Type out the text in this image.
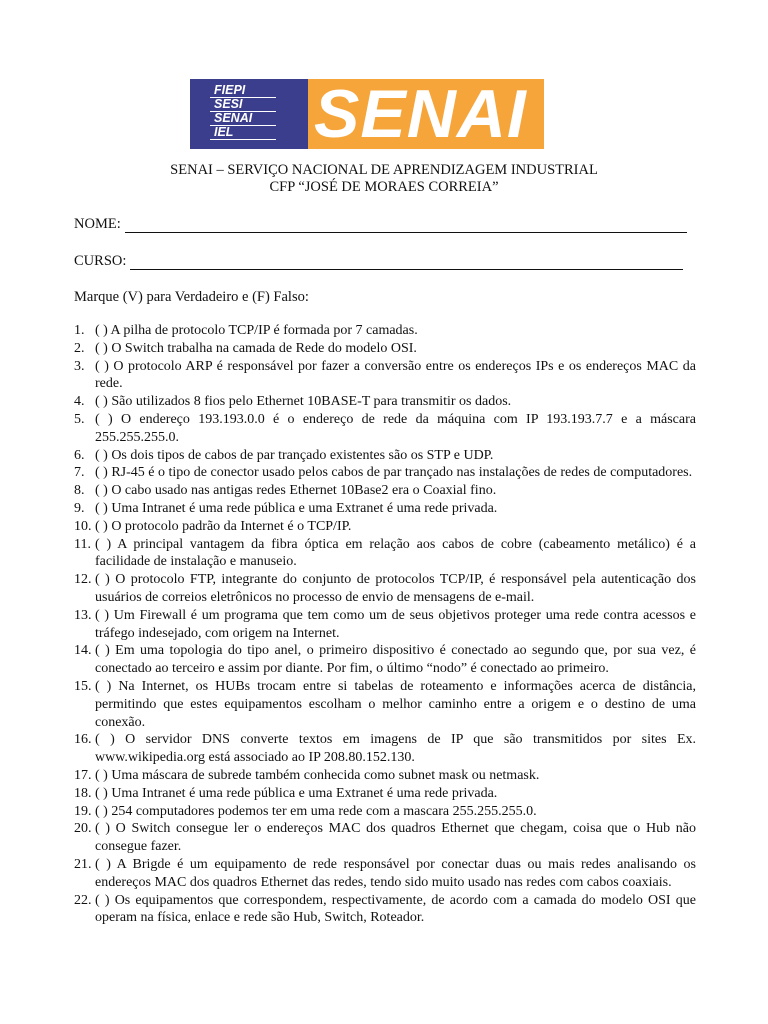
FIEPI
SESI
SENAI
IEL	SENAI
SENAI – SERVIÇO NACIONAL DE APRENDIZAGEM INDUSTRIAL
CFP “JOSÉ DE MORAES CORREIA”
NOME:
CURSO:
Marque (V) para Verdadeiro e (F) Falso:
1. ( ) A pilha de protocolo TCP/IP é formada por 7 camadas.
2. ( ) O Switch trabalha na camada de Rede do modelo OSI.
3. ( ) O protocolo ARP é responsável por fazer a conversão entre os endereços IPs e os endereços MAC da rede.
4. ( ) São utilizados 8 fios pelo Ethernet 10BASE-T para transmitir os dados.
5. ( ) O endereço 193.193.0.0 é o endereço de rede da máquina com IP 193.193.7.7 e a máscara 255.255.255.0.
6. ( ) Os dois tipos de cabos de par trançado existentes são os STP e UDP.
7. ( ) RJ-45 é o tipo de conector usado pelos cabos de par trançado nas instalações de redes de computadores.
8. ( ) O cabo usado nas antigas redes Ethernet 10Base2 era o Coaxial fino.
9. ( ) Uma Intranet é uma rede pública e uma Extranet é uma rede privada.
10. ( ) O protocolo padrão da Internet é o TCP/IP.
11. ( ) A principal vantagem da fibra óptica em relação aos cabos de cobre (cabeamento metálico) é a facilidade de instalação e manuseio.
12. ( ) O protocolo FTP, integrante do conjunto de protocolos TCP/IP, é responsável pela autenticação dos usuários de correios eletrônicos no processo de envio de mensagens de e-mail.
13. ( ) Um Firewall é um programa que tem como um de seus objetivos proteger uma rede contra acessos e tráfego indesejado, com origem na Internet.
14. ( ) Em uma topologia do tipo anel, o primeiro dispositivo é conectado ao segundo que, por sua vez, é conectado ao terceiro e assim por diante. Por fim, o último “nodo” é conectado ao primeiro.
15. ( ) Na Internet, os HUBs trocam entre si tabelas de roteamento e informações acerca de distância, permitindo que estes equipamentos escolham o melhor caminho entre a origem e o destino de uma conexão.
16. ( ) O servidor DNS converte textos em imagens de IP que são transmitidos por sites Ex. www.wikipedia.org está associado ao IP 208.80.152.130.
17. ( ) Uma máscara de subrede também conhecida como subnet mask ou netmask.
18. ( ) Uma Intranet é uma rede pública e uma Extranet é uma rede privada.
19. ( ) 254 computadores podemos ter em uma rede com a mascara 255.255.255.0.
20. ( ) O Switch consegue ler o endereços MAC dos quadros Ethernet que chegam, coisa que o Hub não consegue fazer.
21. ( ) A Brigde é um equipamento de rede responsável por conectar duas ou mais redes analisando os endereços MAC dos quadros Ethernet das redes, tendo sido muito usado nas redes com cabos coaxiais.
22. ( ) Os equipamentos que correspondem, respectivamente, de acordo com a camada do modelo OSI que operam na física, enlace e rede são Hub, Switch, Roteador.
